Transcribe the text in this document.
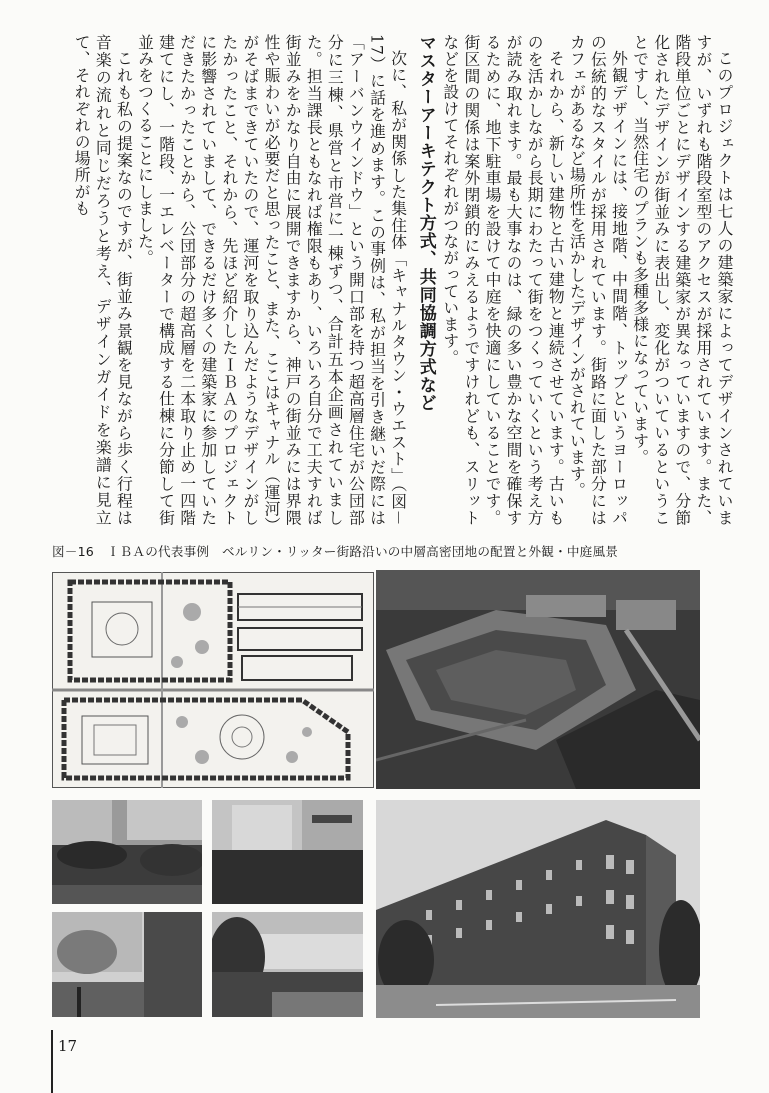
このプロジェクトは七人の建築家によってデザインされていますが、いずれも階段室型のアクセスが採用されています。また、階段単位ごとにデザインする建築家が異なっていますので、分節化されたデザインが街並みに表出し、変化がついているということですし、当然住宅のプランも多種多様になっています。

外観デザインには、接地階、中間階、トップというヨーロッパの伝統的なスタイルが採用されています。街路に面した部分にはカフェがあるなど場所性を活かしたデザインがされています。

それから、新しい建物と古い建物と連続させています。古いものを活かしながら長期にわたって街をつくっていくという考え方が読み取れます。最も大事なのは、緑の多い豊かな空間を確保するために、地下駐車場を設けて中庭を快適にしていることです。街区間の関係は案外閉鎖的にみえるようですけれども、スリットなどを設けてそれぞれがつながっています。

マスターアーキテクト方式、共同協調方式など

次に、私が関係した集住体「キャナルタウン・ウエスト」（図－17）に話を進めます。この事例は、私が担当を引き継いだ際には「アーバンウインドウ」という開口部を持つ超高層住宅が公団部分に三棟、県営と市営に一棟ずつ、合計五本企画されていました。担当課長ともなれば権限もあり、いろいろ自分で工夫すれば街並みをかなり自由に展開できますから、神戸の街並みには界隈性や賑わいが必要だと思ったこと、また、ここはキャナル（運河）がそばまできていたので、運河を取り込んだようなデザインがしたかったこと、それから、先ほど紹介したＩＢＡのプロジェクトに影響されていまして、できるだけ多くの建築家に参加していただきたかったことから、公団部分の超高層を二本取り止め一四階建てにし、一階段、一エレベーターで構成する仕棟に分節して街並みをつくることにしました。

これも私の提案なのですが、街並み景観を見ながら歩く行程は音楽の流れと同じだろうと考え、デザインガイドを楽譜に見立て、それぞれの場所がも

図－16　ＩＢＡの代表事例　ベルリン・リッター街路沿いの中層高密団地の配置と外観・中庭風景
17
